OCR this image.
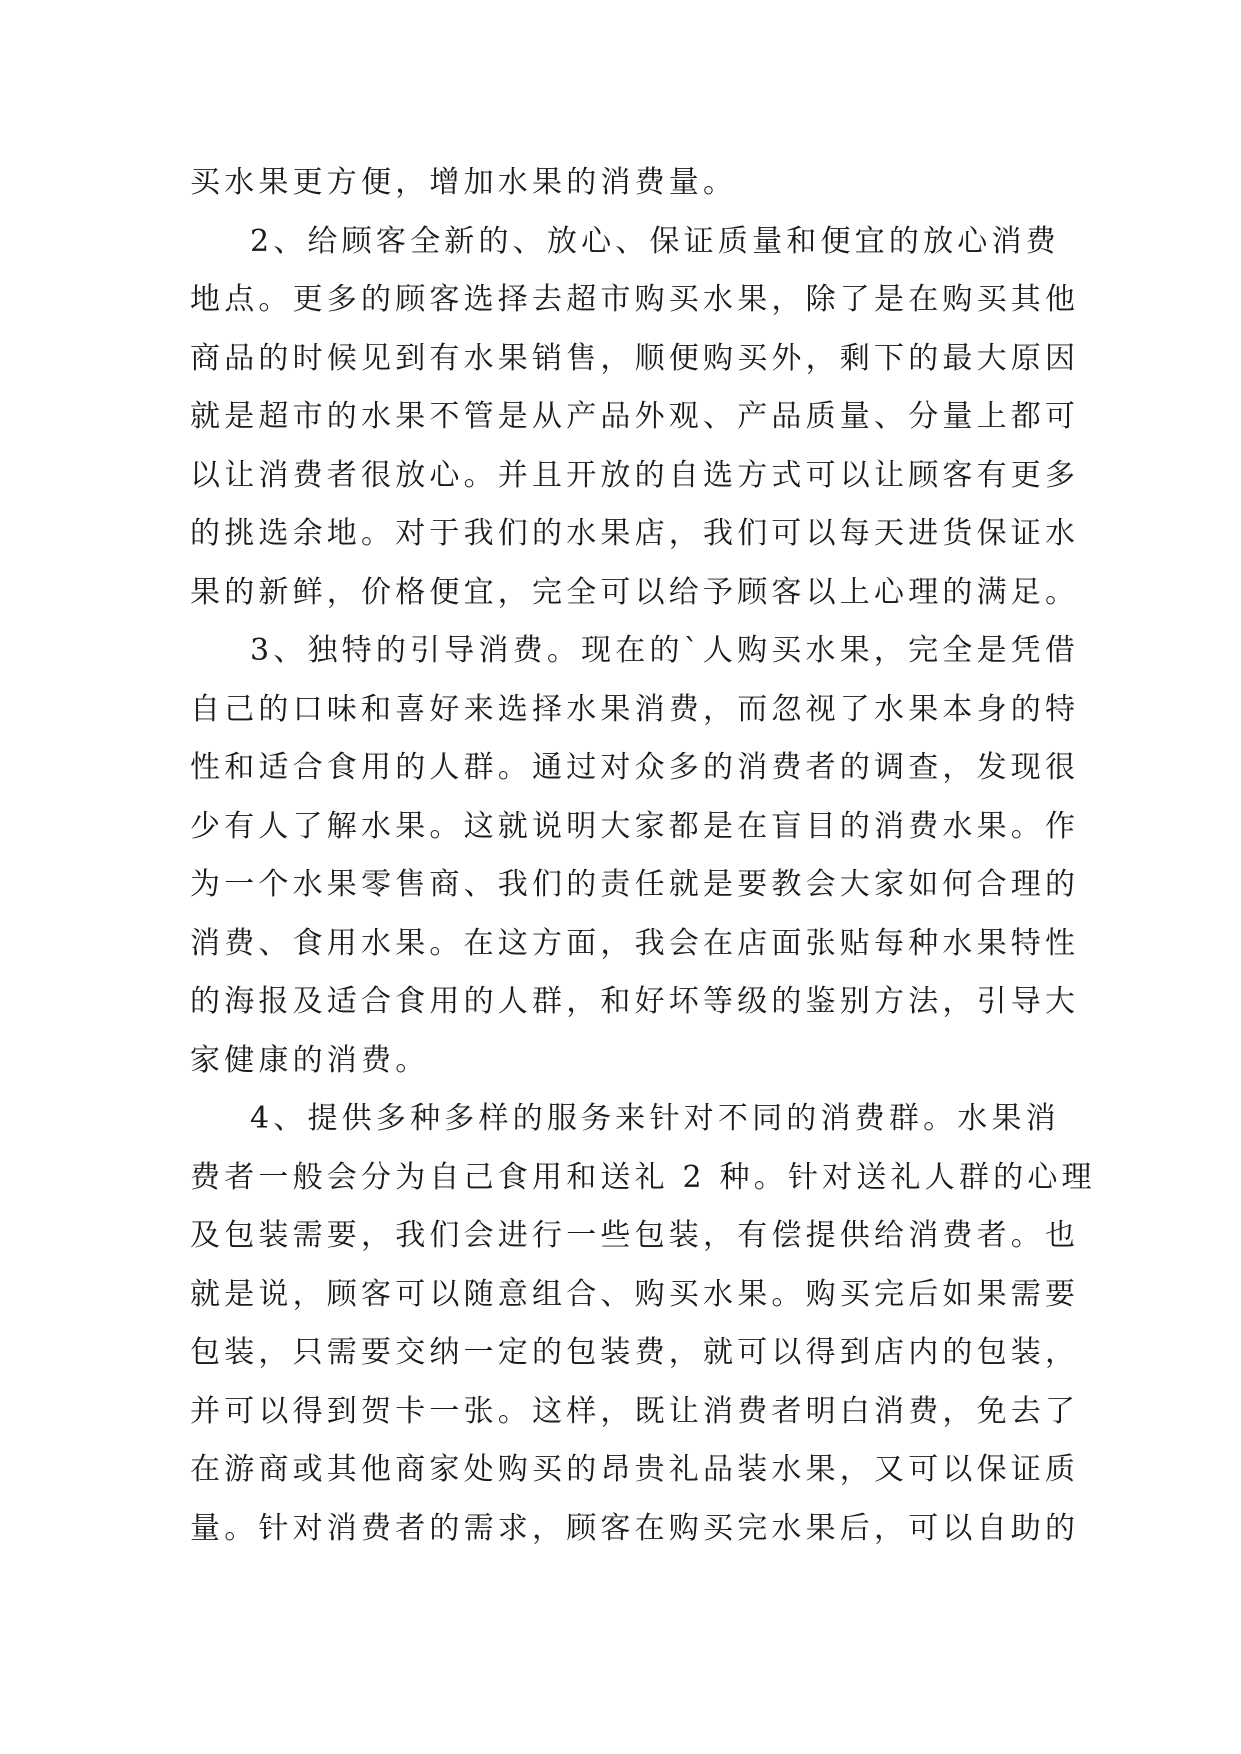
买水果更方便，增加水果的消费量。
2、给顾客全新的、放心、保证质量和便宜的放心消费
地点。更多的顾客选择去超市购买水果，除了是在购买其他
商品的时候见到有水果销售，顺便购买外，剩下的最大原因
就是超市的水果不管是从产品外观、产品质量、分量上都可
以让消费者很放心。并且开放的自选方式可以让顾客有更多
的挑选余地。对于我们的水果店，我们可以每天进货保证水
果的新鲜，价格便宜，完全可以给予顾客以上心理的满足。
3、独特的引导消费。现在的`人购买水果，完全是凭借
自己的口味和喜好来选择水果消费，而忽视了水果本身的特
性和适合食用的人群。通过对众多的消费者的调查，发现很
少有人了解水果。这就说明大家都是在盲目的消费水果。作
为一个水果零售商、我们的责任就是要教会大家如何合理的
消费、食用水果。在这方面，我会在店面张贴每种水果特性
的海报及适合食用的人群，和好坏等级的鉴别方法，引导大
家健康的消费。
4、提供多种多样的服务来针对不同的消费群。水果消
费者一般会分为自己食用和送礼 2 种。针对送礼人群的心理
及包装需要，我们会进行一些包装，有偿提供给消费者。也
就是说，顾客可以随意组合、购买水果。购买完后如果需要
包装，只需要交纳一定的包装费，就可以得到店内的包装，
并可以得到贺卡一张。这样，既让消费者明白消费，免去了
在游商或其他商家处购买的昂贵礼品装水果，又可以保证质
量。针对消费者的需求，顾客在购买完水果后，可以自助的
